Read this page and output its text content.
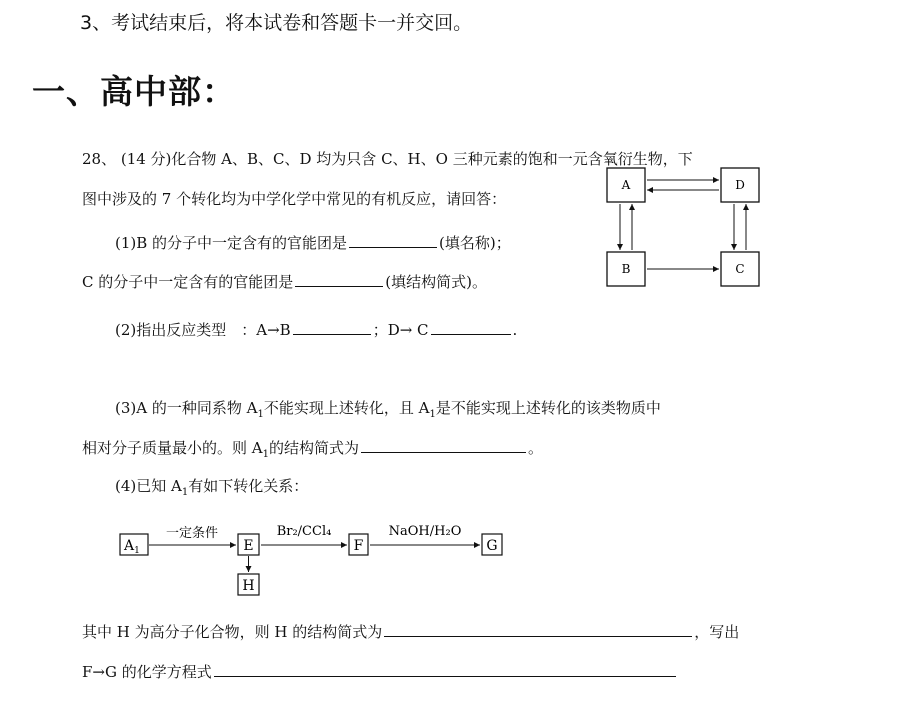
3、考试结束后，将本试卷和答题卡一并交回。
一、高中部：
28、 (14 分)化合物 A、B、C、D 均为只含 C、H、O 三种元素的饱和一元含氧衍生物，下
图中涉及的 7 个转化均为中学化学中常见的有机反应，请回答：
(1)B 的分子中一定含有的官能团是	(填名称)；
C 的分子中一定含有的官能团是	(填结构简式)。
(2)指出反应类型　：A→B	；D→ C	.
(3)A 的一种同系物 $A_1$不能实现上述转化，且 $A_1$是不能实现上述转化的该类物质中
相对分子质量最小的。则 $A_1$的结构简式为	。
(4)已知 $A_1$有如下转化关系：
其中 H 为高分子化合物，则 H 的结构简式为	，写出
F→G 的化学方程式
A	D
B	C
$A_1$
一定条件
E
Br₂/CCl₄
F
NaOH/H₂O
G
H
